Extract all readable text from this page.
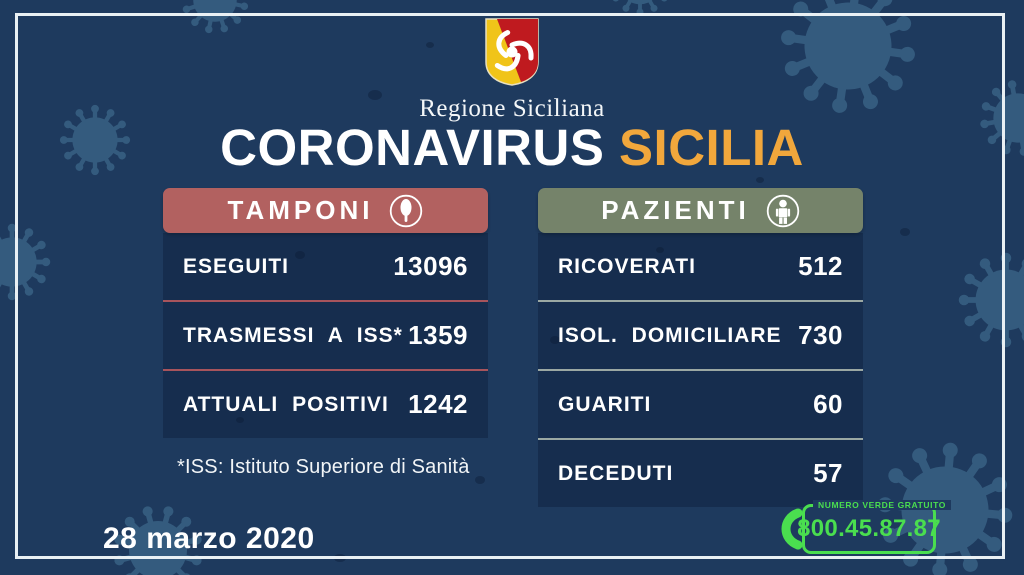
Regione Siciliana
CORONAVIRUS SICILIA
TAMPONI
ESEGUITI	13096
TRASMESSI A ISS* 1359
ATTUALI POSITIVI 1242
*ISS: Istituto Superiore di Sanità
PAZIENTI
RICOVERATI	512
ISOL. DOMICILIARE 730
GUARITI	60
DECEDUTI	57
28 marzo 2020
NUMERO VERDE GRATUITO
800.45.87.87
